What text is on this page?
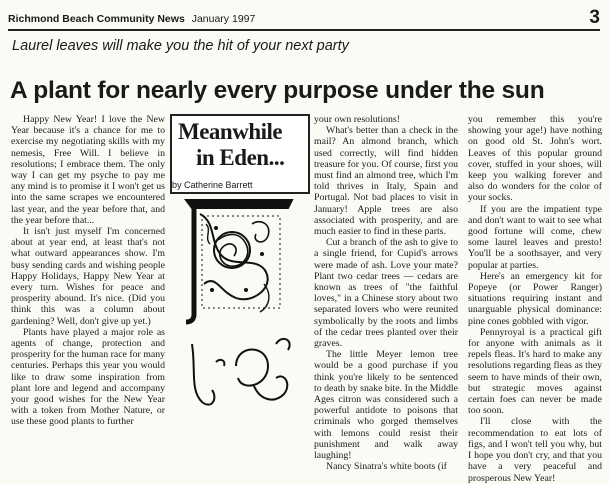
Richmond Beach Community News January 1997	3
Laurel leaves will make you the hit of your next party
A plant for nearly every purpose under the sun

Happy New Year! I love the New Year because it's a chance for me to exercise my negotiating skills with my nemesis, Free Will. I believe in resolutions; I embrace them. The only way I can get my psyche to pay me any mind is to promise it I won't get us into the same scrapes we encountered last year, and the year before that, and the year before that...

It isn't just myself I'm concerned about at year end, at least that's not what outward appearances show. I'm busy sending cards and wishing people Happy Holidays, Happy New Year at every turn. Wishes for peace and prosperity abound. It's nice. (Did you think this was a column about gardening? Well, don't give up yet.)

Plants have played a major role as agents of change, protection and prosperity for the human race for many centuries. Perhaps this year you would like to draw some inspiration from plant lore and legend and accompany your good wishes for the New Year with a token from Mother Nature, or use these good plants to further

Meanwhile
in Eden...
by Catherine Barrett

your own resolutions!

What's better than a check in the mail? An almond branch, which used correctly, will find hidden treasure for you. Of course, first you must find an almond tree, which I'm told thrives in Italy, Spain and Portugal. Not bad places to visit in January! Apple trees are also associated with prosperity, and are much easier to find in these parts.

Cut a branch of the ash to give to a single friend, for Cupid's arrows were made of ash. Love your mate? Plant two cedar trees — cedars are known as trees of "the faithful loves," in a Chinese story about two separated lovers who were reunited symbolically by the roots and limbs of the cedar trees planted over their graves.

The little Meyer lemon tree would be a good purchase if you think you're likely to be sentenced to death by snake bite. In the Middle Ages citron was considered such a powerful antidote to poisons that criminals who gorged themselves with lemons could resist their punishment and walk away laughing!

Nancy Sinatra's white boots (if

you remember this you're showing your age!) have nothing on good old St. John's wort. Leaves of this popular ground cover, stuffed in your shoes, will keep you walking forever and also do wonders for the color of your socks.

If you are the impatient type and don't want to wait to see what good fortune will come, chew some laurel leaves and presto! You'll be a soothsayer, and very popular at parties.

Here's an emergency kit for Popeye (or Power Ranger) situations requiring instant and unarguable physical dominance: pine cones gobbled with vigor.

Pennyroyal is a practical gift for anyone with animals as it repels fleas. It's hard to make any resolutions regarding fleas as they seem to have minds of their own, but strategic moves against certain foes can never be made too soon.

I'll close with the recommendation to eat lots of figs, and I won't tell you why, but I hope you don't cry, and that you have a very peaceful and prosperous New Year!
